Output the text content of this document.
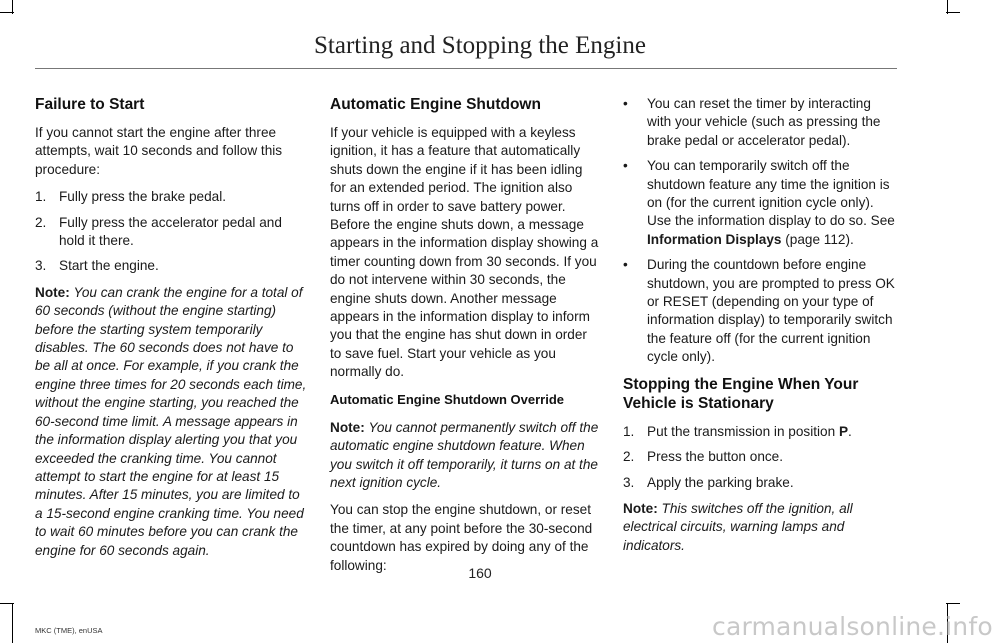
Starting and Stopping the Engine
Failure to Start

If you cannot start the engine after three attempts, wait 10 seconds and follow this procedure:

1. Fully press the brake pedal.
2. Fully press the accelerator pedal and hold it there.
3. Start the engine.

Note: You can crank the engine for a total of 60 seconds (without the engine starting) before the starting system temporarily disables. The 60 seconds does not have to be all at once. For example, if you crank the engine three times for 20 seconds each time, without the engine starting, you reached the 60-second time limit. A message appears in the information display alerting you that you exceeded the cranking time. You cannot attempt to start the engine for at least 15 minutes. After 15 minutes, you are limited to a 15-second engine cranking time. You need to wait 60 minutes before you can crank the engine for 60 seconds again.

Automatic Engine Shutdown

If your vehicle is equipped with a keyless ignition, it has a feature that automatically shuts down the engine if it has been idling for an extended period. The ignition also turns off in order to save battery power. Before the engine shuts down, a message appears in the information display showing a timer counting down from 30 seconds. If you do not intervene within 30 seconds, the engine shuts down. Another message appears in the information display to inform you that the engine has shut down in order to save fuel. Start your vehicle as you normally do.

Automatic Engine Shutdown Override

Note: You cannot permanently switch off the automatic engine shutdown feature. When you switch it off temporarily, it turns on at the next ignition cycle.

You can stop the engine shutdown, or reset the timer, at any point before the 30-second countdown has expired by doing any of the following:

• You can reset the timer by interacting with your vehicle (such as pressing the brake pedal or accelerator pedal).
• You can temporarily switch off the shutdown feature any time the ignition is on (for the current ignition cycle only). Use the information display to do so. See Information Displays (page 112).
• During the countdown before engine shutdown, you are prompted to press OK or RESET (depending on your type of information display) to temporarily switch the feature off (for the current ignition cycle only).
Stopping the Engine When Your Vehicle is Stationary
1. Put the transmission in position P.
2. Press the button once.
3. Apply the parking brake.

Note: This switches off the ignition, all electrical circuits, warning lamps and indicators.

160
MKC (TME), enUSA	carmanualsonline.info
